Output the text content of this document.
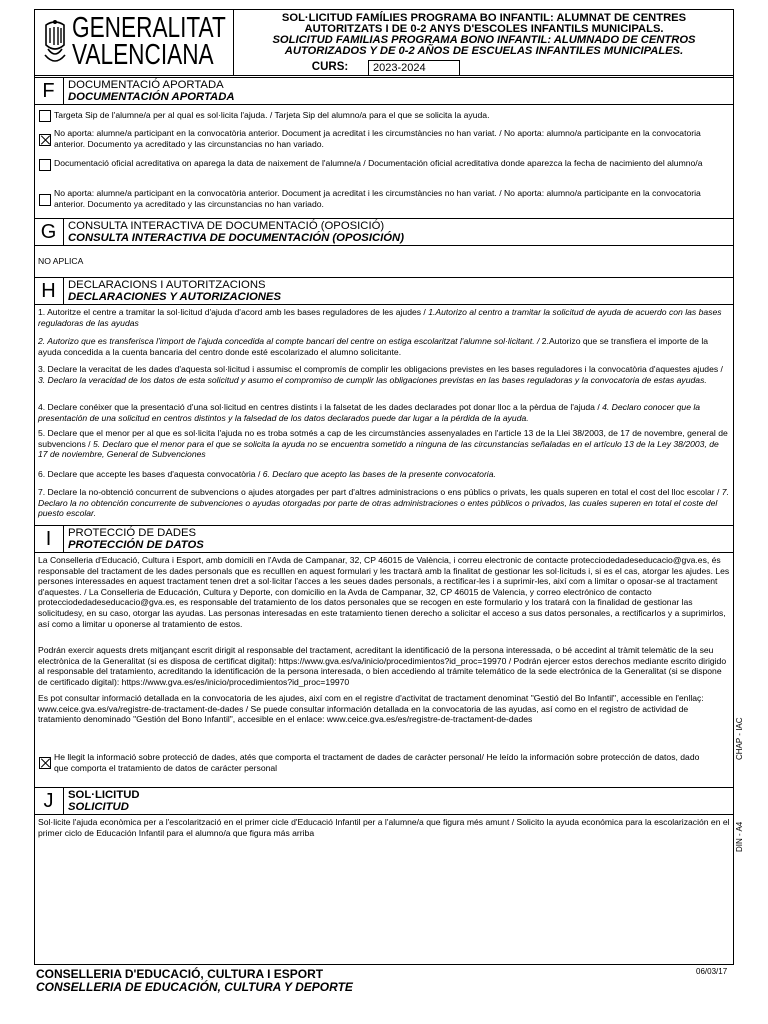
GENERALITAT
VALENCIANA
SOL·LICITUD FAMÍLIES PROGRAMA BO INFANTIL: ALUMNAT DE CENTRES
AUTORITZATS I DE 0-2 ANYS D'ESCOLES INFANTILS MUNICIPALS.
SOLICITUD FAMILIAS PROGRAMA BONO INFANTIL: ALUMNADO DE CENTROS
AUTORIZADOS Y DE 0-2 AÑOS DE ESCUELAS INFANTILES MUNICIPALES.
CURS:	2023-2024
F	DOCUMENTACIÓ APORTADA
DOCUMENTACIÓN APORTADA
Targeta Sip de l'alumne/a per al qual es sol·licita l'ajuda. / Tarjeta Sip del alumno/a para el que se solicita la ayuda.
No aporta: alumne/a participant en la convocatòria anterior. Document ja acreditat i les circumstàncies no han variat. / No aporta: alumno/a participante en la convocatoria anterior. Documento ya acreditado y las circunstancias no han variado.
Documentació oficial acreditativa on aparega la data de naixement de l'alumne/a / Documentación oficial acreditativa donde aparezca la fecha de nacimiento del alumno/a
No aporta: alumne/a participant en la convocatòria anterior. Document ja acreditat i les circumstàncies no han variat. / No aporta: alumno/a participante en la convocatoria anterior. Documento ya acreditado y las circunstancias no han variado.
G	CONSULTA INTERACTIVA DE DOCUMENTACIÓ (OPOSICIÓ)
CONSULTA INTERACTIVA DE DOCUMENTACIÓN (OPOSICIÓN)
NO APLICA
H	DECLARACIONS I AUTORITZACIONS
DECLARACIONES Y AUTORIZACIONES
1. Autoritze el centre a tramitar la sol·licitud d'ajuda d'acord amb les bases reguladores de les ajudes / 1.Autorizo al centro a tramitar la solicitud de ayuda de acuerdo con las bases reguladoras de las ayudas
2. Autorizo que es transferisca l'import de l'ajuda concedida al compte bancari del centre on estiga escolaritzat l'alumne sol·licitant. / 2.Autorizo que se transfiera el importe de la ayuda concedida a la cuenta bancaria del centro donde esté escolarizado el alumno solicitante.
3. Declare la veracitat de les dades d'aquesta sol·licitud i assumisc el compromís de complir les obligacions previstes en les bases reguladores i la convocatòria d'aquestes ajudes / 3. Declaro la veracidad de los datos de esta solicitud y asumo el compromiso de cumplir las obligaciones previstas en las bases reguladoras y la convocatoria de estas ayudas.
4. Declare conéixer que la presentació d'una sol·licitud en centres distints i la falsetat de les dades declarades pot donar lloc a la pèrdua de l'ajuda / 4. Declaro conocer que la presentación de una solicitud en centros distintos y la falsedad de los datos declarados puede dar lugar a la pérdida de la ayuda.
5. Declare que el menor per al que es sol·licita l'ajuda no es troba sotmés a cap de les circumstàncies assenyalades en l'article 13 de la Llei 38/2003, de 17 de novembre, general de subvencions / 5. Declaro que el menor para el que se solicita la ayuda no se encuentra sometido a ninguna de las circunstancias señaladas en el artículo 13 de la Ley 38/2003, de 17 de noviembre, General de Subvenciones
6. Declare que accepte les bases d'aquesta convocatòria / 6. Declaro que acepto las bases de la presente convocatoria.
7. Declare la no-obtenció concurrent de subvencions o ajudes atorgades per part d'altres administracions o ens públics o privats, les quals superen en total el cost del lloc escolar / 7. Declaro la no obtención concurrente de subvenciones o ayudas otorgadas por parte de otras administraciones o entes públicos o privados, las cuales superen en total el coste del puesto escolar.
I	PROTECCIÓ DE DADES
PROTECCIÓN DE DATOS
La Conselleria d'Educació, Cultura i Esport, amb domicili en l'Avda de Campanar, 32, CP 46015 de València, i correu electronic de contacte protecciodedadeseducacio@gva.es, és responsable del tractament de les dades personals que es reculllen en aquest formulari y les tractarà amb la finalitat de gestionar les sol·licituds i, si es el cas, atorgar les ajudes. Les persones interessades en aquest tractament tenen dret a sol·licitar l'acces a les seues dades personals, a rectificar-les i a suprimir-les, així com a limitar o oposar-se al tractament d'aquestes. / La Conselleria de Educación, Cultura y Deporte, con domicilio en la Avda de Campanar, 32, CP 46015 de Valencia, y correo electrónico de contacto protecciodedadeseducacio@gva.es, es responsable del tratamiento de los datos personales que se recogen en este formulario y los tratará con la finalidad de gestionar las solicitudesy, en su caso, otorgar las ayudas. Las personas interesadas en este tratamiento tienen derecho a solicitar el acceso a sus datos personales, a rectificarlos y a suprimirlos, así como a limitar u oponerse al tratamiento de estos.
Podrán exercir aquests drets mitjançant escrit dirigit al responsable del tractament, acreditant la identificació de la persona interessada, o bé accedint al tràmit telemàtic de la seu electrònica de la Generalitat (si es disposa de certificat digital): https://www.gva.es/va/inicio/procedimientos?id_proc=19970 / Podrán ejercer estos derechos mediante escrito dirigido al responsable del tratamiento, acreditando la identificación de la persona interesada, o bien accediendo al trámite telemático de la sede electrónica de la Generalitat (si se dispone de certificado digital): https://www.gva.es/es/inicio/procedimientos?id_proc=19970
Es pot consultar informació detallada en la convocatoria de les ajudes, així com en el registre d'activitat de tractament denominat "Gestió del Bo Infantil", accessible en l'enllaç: www.ceice.gva.es/va/registre-de-tractament-de-dades / Se puede consultar información detallada en la convocatoria de las ayudas, así como en el registro de actividad de tratamiento denominado "Gestión del Bono Infantil", accesible en el enlace: www.ceice.gva.es/es/registre-de-tractament-de-dades
He llegit la informació sobre protecció de dades, atés que comporta el tractament de dades de caràcter personal/ He leído la información sobre protección de datos, dado que comporta el tratamiento de datos de carácter personal
J	SOL·LICITUD
SOLICITUD
Sol·licite l'ajuda econòmica per a l'escolarització en el primer cicle d'Educació Infantil per a l'alumne/a que figura més amunt / Solicito la ayuda económica para la escolarización en el primer ciclo de Educación Infantil para el alumno/a que figura más arriba
CHAP - IAC
DIN - A4
CONSELLERIA D'EDUCACIÓ, CULTURA I ESPORT
CONSELLERIA DE EDUCACIÓN, CULTURA Y DEPORTE
06/03/17
